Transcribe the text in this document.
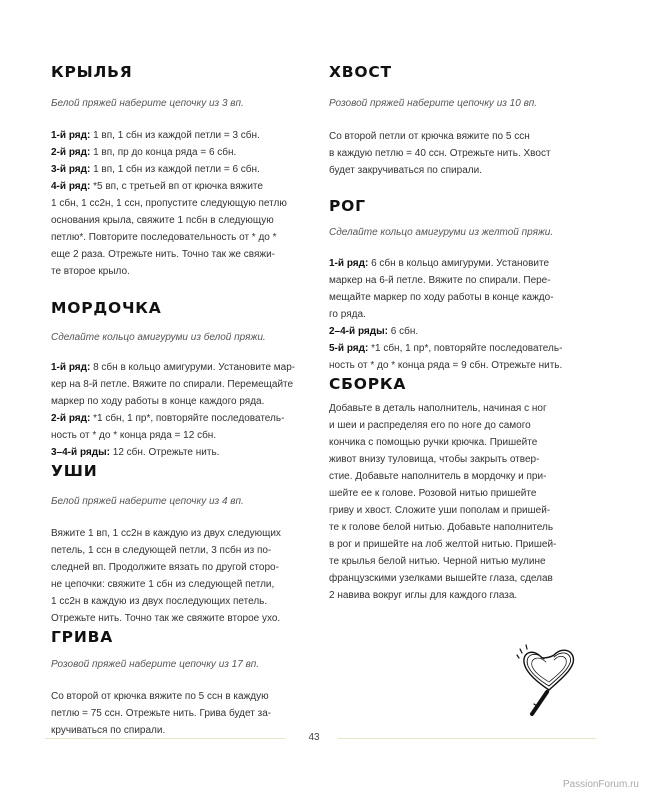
КРЫЛЬЯ

Белой пряжей наберите цепочку из 3 вп.

1-й ряд: 1 вп, 1 сбн из каждой петли = 3 сбн.
2-й ряд: 1 вп, пр до конца ряда = 6 сбн.
3-й ряд: 1 вп, 1 сбн из каждой петли = 6 сбн.
4-й ряд: *5 вп, с третьей вп от крючка вяжите
1 сбн, 1 сс2н, 1 ссн, пропустите следующую петлю
основания крыла, свяжите 1 псбн в следующую
петлю*. Повторите последовательность от * до *
еще 2 раза. Отрежьте нить. Точно так же свяжи-
те второе крыло.
МОРДОЧКА

Сделайте кольцо амигуруми из белой пряжи.

1-й ряд: 8 сбн в кольцо амигуруми. Установите мар-
кер на 8-й петле. Вяжите по спирали. Перемещайте
маркер по ходу работы в конце каждого ряда.
2-й ряд: *1 сбн, 1 пр*, повторяйте последователь-
ность от * до * конца ряда = 12 сбн.
3–4-й ряды: 12 сбн. Отрежьте нить.
УШИ

Белой пряжей наберите цепочку из 4 вп.

Вяжите 1 вп, 1 сс2н в каждую из двух следующих
петель, 1 ссн в следующей петли, 3 псбн из по-
следней вп. Продолжите вязать по другой сторо-
не цепочки: свяжите 1 сбн из следующей петли,
1 сс2н в каждую из двух последующих петель.
Отрежьте нить. Точно так же свяжите второе ухо.
ГРИВА

Розовой пряжей наберите цепочку из 17 вп.

Со второй от крючка вяжите по 5 ссн в каждую
петлю = 75 ссн. Отрежьте нить. Грива будет за-
кручиваться по спирали.
ХВОСТ

Розовой пряжей наберите цепочку из 10 вп.

Со второй петли от крючка вяжите по 5 ссн
в каждую петлю = 40 ссн. Отрежьте нить. Хвост
будет закручиваться по спирали.
РОГ

Сделайте кольцо амигуруми из желтой пряжи.

1-й ряд: 6 сбн в кольцо амигуруми. Установите
маркер на 6-й петле. Вяжите по спирали. Пере-
мещайте маркер по ходу работы в конце каждо-
го ряда.
2–4-й ряды: 6 сбн.
5-й ряд: *1 сбн, 1 пр*, повторяйте последователь-
ность от * до * конца ряда = 9 сбн. Отрежьте нить.
СБОРКА
Добавьте в деталь наполнитель, начиная с ног
и шеи и распределяя его по ноге до самого
кончика с помощью ручки крючка. Пришейте
живот внизу туловища, чтобы закрыть отвер-
стие. Добавьте наполнитель в мордочку и при-
шейте ее к голове. Розовой нитью пришейте
гриву и хвост. Сложите уши пополам и пришей-
те к голове белой нитью. Добавьте наполнитель
в рог и пришейте на лоб желтой нитью. Пришей-
те крылья белой нитью. Черной нитью мулине
французскими узелками вышейте глаза, сделав
2 навива вокруг иглы для каждого глаза.
43
PassionForum.ru
